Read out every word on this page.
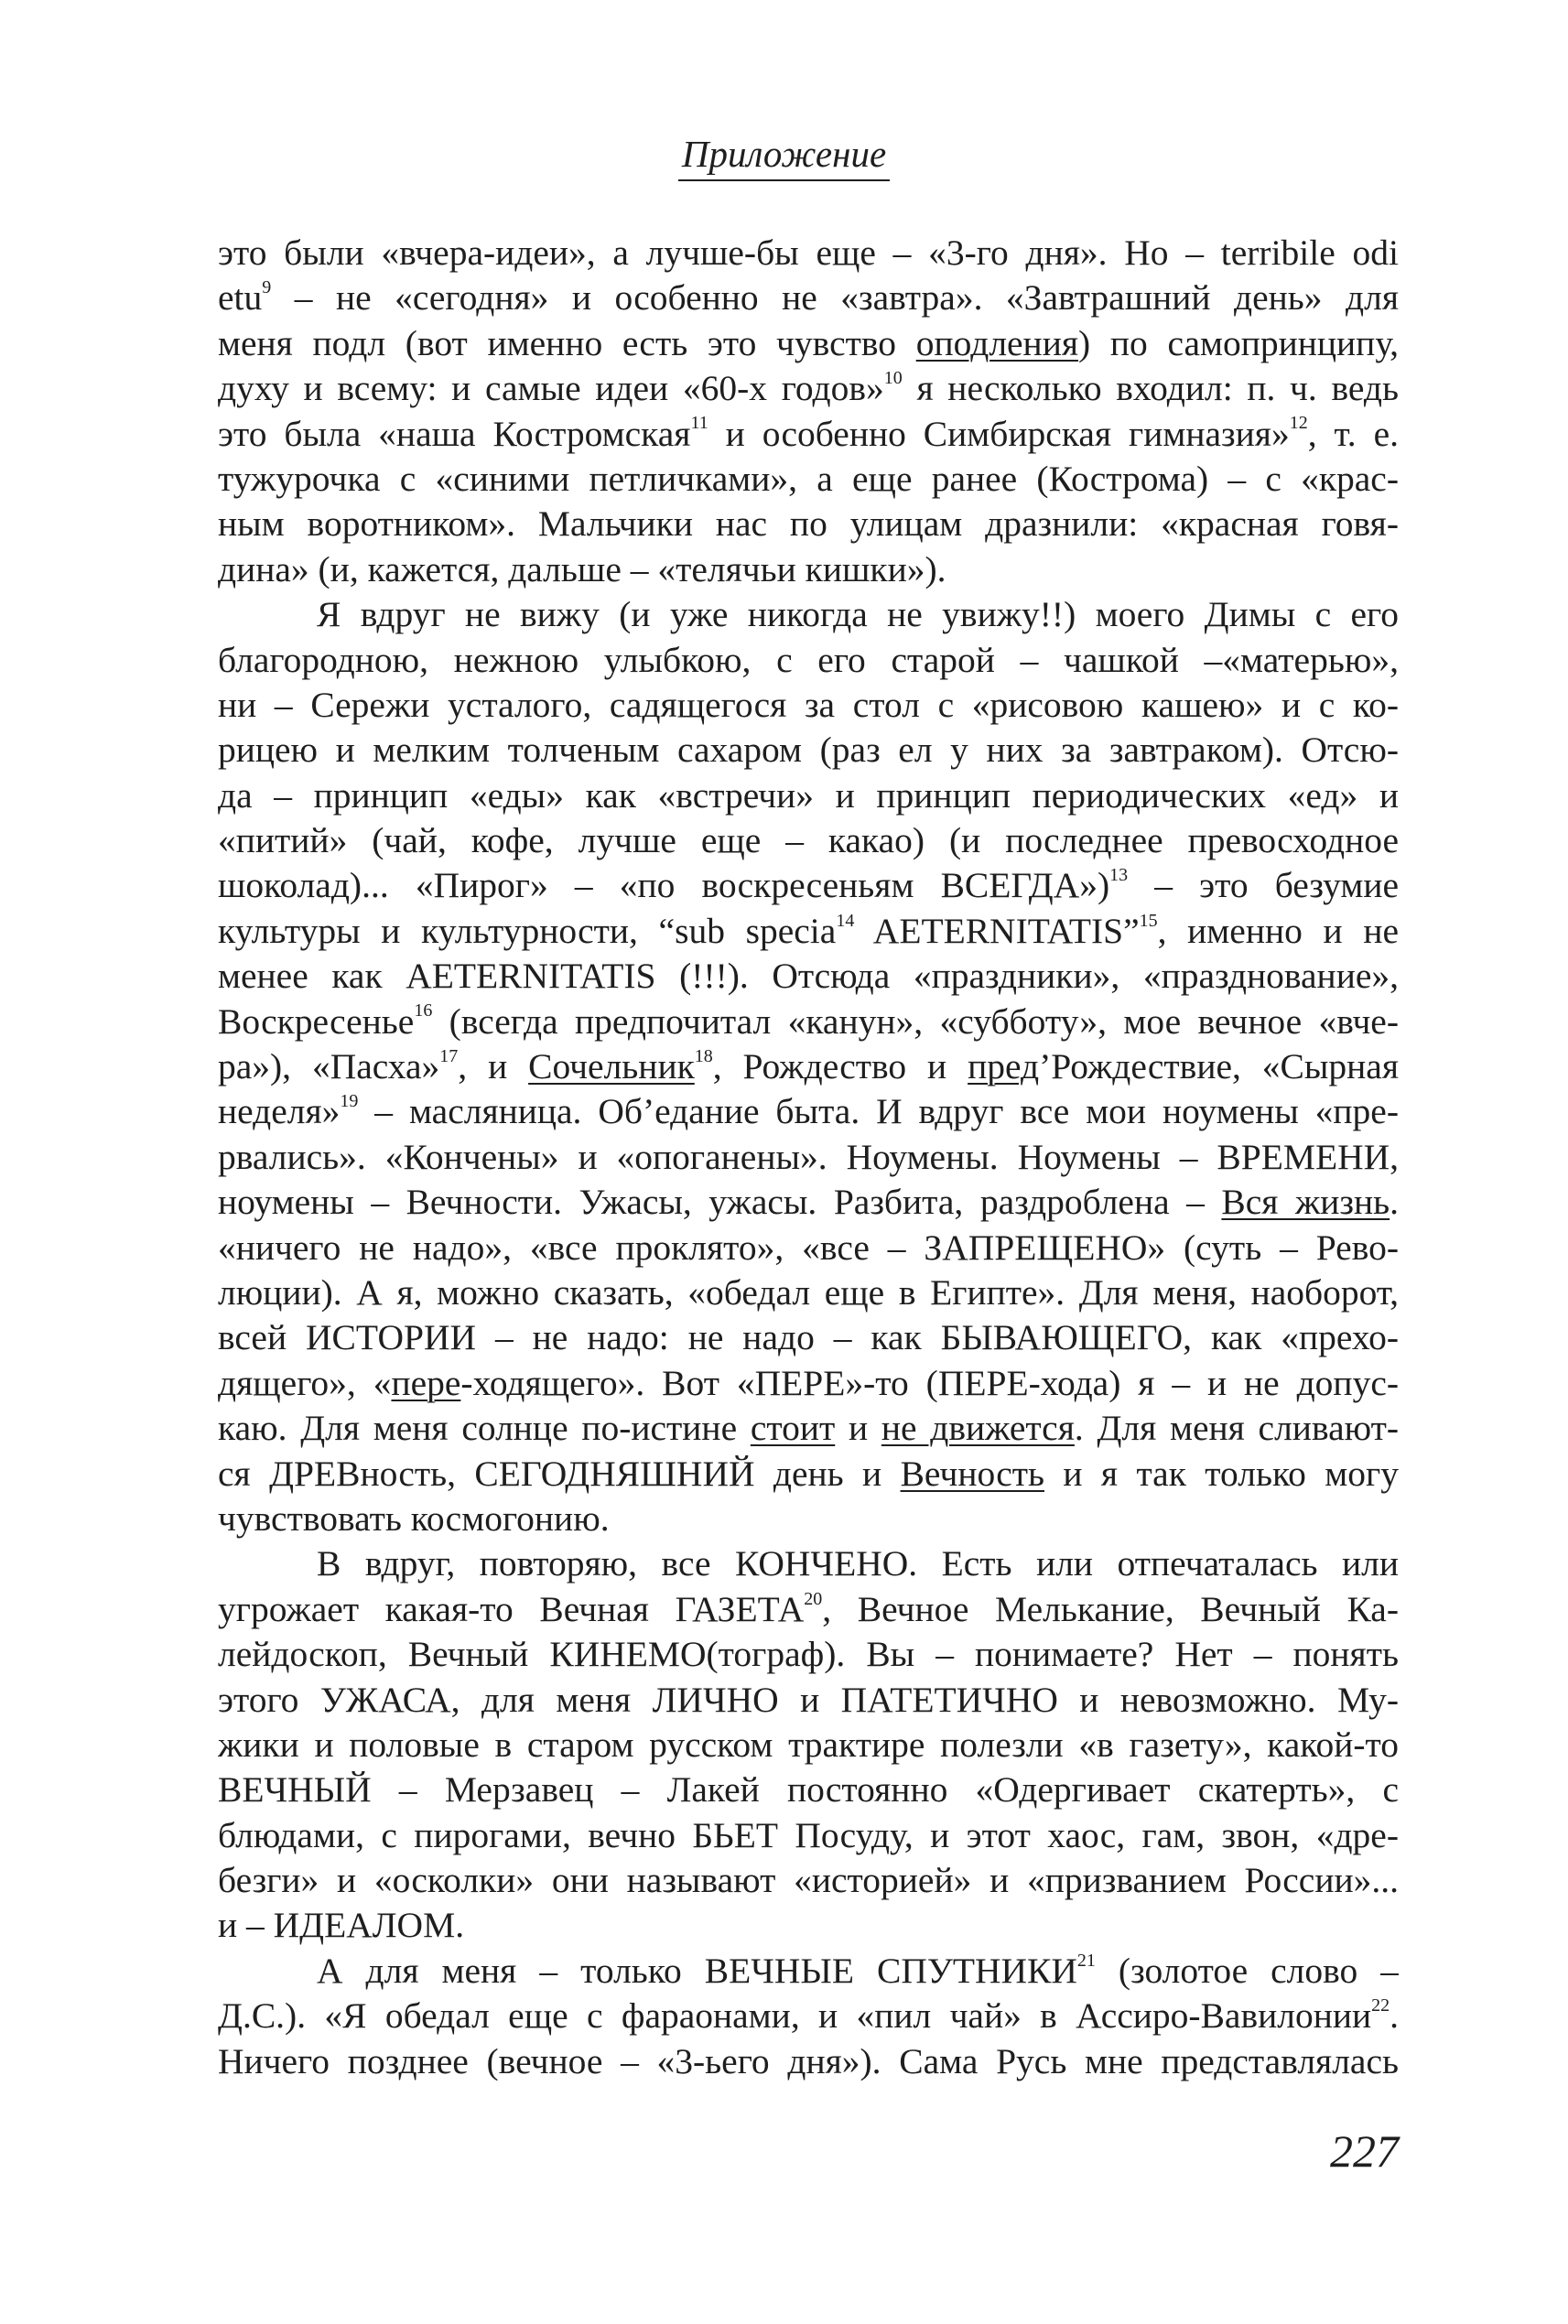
Приложение
это были «вчера-идеи», а лучше-бы еще – «3-го дня». Но – terribile odi
etu$^9$ – не «сегодня» и особенно не «завтра». «Завтрашний день» для
меня подл (вот именно есть это чувство оподления) по самопринципу,
духу и всему: и самые идеи «60-х годов»$^{10}$ я несколько входил: п. ч. ведь
это была «наша Костромская$^{11}$ и особенно Симбирская гимназия»$^{12}$, т. е.
тужурочка с «синими петличками», а еще ранее (Кострома) – с «крас-
ным воротником». Мальчики нас по улицам дразнили: «красная говя-
дина» (и, кажется, дальше – «телячьи кишки»).
Я вдруг не вижу (и уже никогда не увижу!!) моего Димы с его
благородною, нежною улыбкою, с его старой – чашкой –«матерью»,
ни – Сережи усталого, садящегося за стол с «рисовою кашею» и с ко-
рицею и мелким толченым сахаром (раз ел у них за завтраком). Отсю-
да – принцип «еды» как «встречи» и принцип периодических «ед» и
«питий» (чай, кофе, лучше еще – какао) (и последнее превосходное
шоколад)... «Пирог» – «по воскресеньям ВСЕГДА»)$^{13}$ – это безумие
культуры и культурности, “sub specia$^{14}$ AETERNITATIS”$^{15}$, именно и не
менее как AETERNITATIS (!!!). Отсюда «праздники», «празднование»,
Воскресенье$^{16}$ (всегда предпочитал «канун», «субботу», мое вечное «вче-
ра»), «Пасха»$^{17}$, и Сочельник$^{18}$, Рождество и пред’Рождествие, «Сырная
неделя»$^{19}$ – масляница. Об’едание быта. И вдруг все мои ноумены «пре-
рвались». «Кончены» и «опоганены». Ноумены. Ноумены – ВРЕМЕНИ,
ноумены – Вечности. Ужасы, ужасы. Разбита, раздроблена – Вся жизнь.
«ничего не надо», «все проклято», «все – ЗАПРЕЩЕНО» (суть – Рево-
люции). А я, можно сказать, «обедал еще в Египте». Для меня, наоборот,
всей ИСТОРИИ – не надо: не надо – как БЫВАЮЩЕГО, как «прехо-
дящего», «пере-ходящего». Вот «ПЕРЕ»-то (ПЕРЕ-хода) я – и не допус-
каю. Для меня солнце по-истине стоит и не движется. Для меня сливают-
ся ДРЕВность, СЕГОДНЯШНИЙ день и Вечность и я так только могу
чувствовать космогонию.
В вдруг, повторяю, все КОНЧЕНО. Есть или отпечаталась или
угрожает какая-то Вечная ГАЗЕТА$^{20}$, Вечное Мелькание, Вечный Ка-
лейдоскоп, Вечный КИНЕМО(тограф). Вы – понимаете? Нет – понять
этого УЖАСА, для меня ЛИЧНО и ПАТЕТИЧНО и невозможно. Му-
жики и половые в старом русском трактире полезли «в газету», какой-то
ВЕЧНЫЙ – Мерзавец – Лакей постоянно «Одергивает скатерть», с
блюдами, с пирогами, вечно БЬЕТ Посуду, и этот хаос, гам, звон, «дре-
безги» и «осколки» они называют «историей» и «призванием России»...
и – ИДЕАЛОМ.
А для меня – только ВЕЧНЫЕ СПУТНИКИ$^{21}$ (золотое слово –
Д.С.). «Я обедал еще с фараонами, и «пил чай» в Ассиро-Вавилонии$^{22}$.
Ничего позднее (вечное – «3-ьего дня»). Сама Русь мне представлялась
227
